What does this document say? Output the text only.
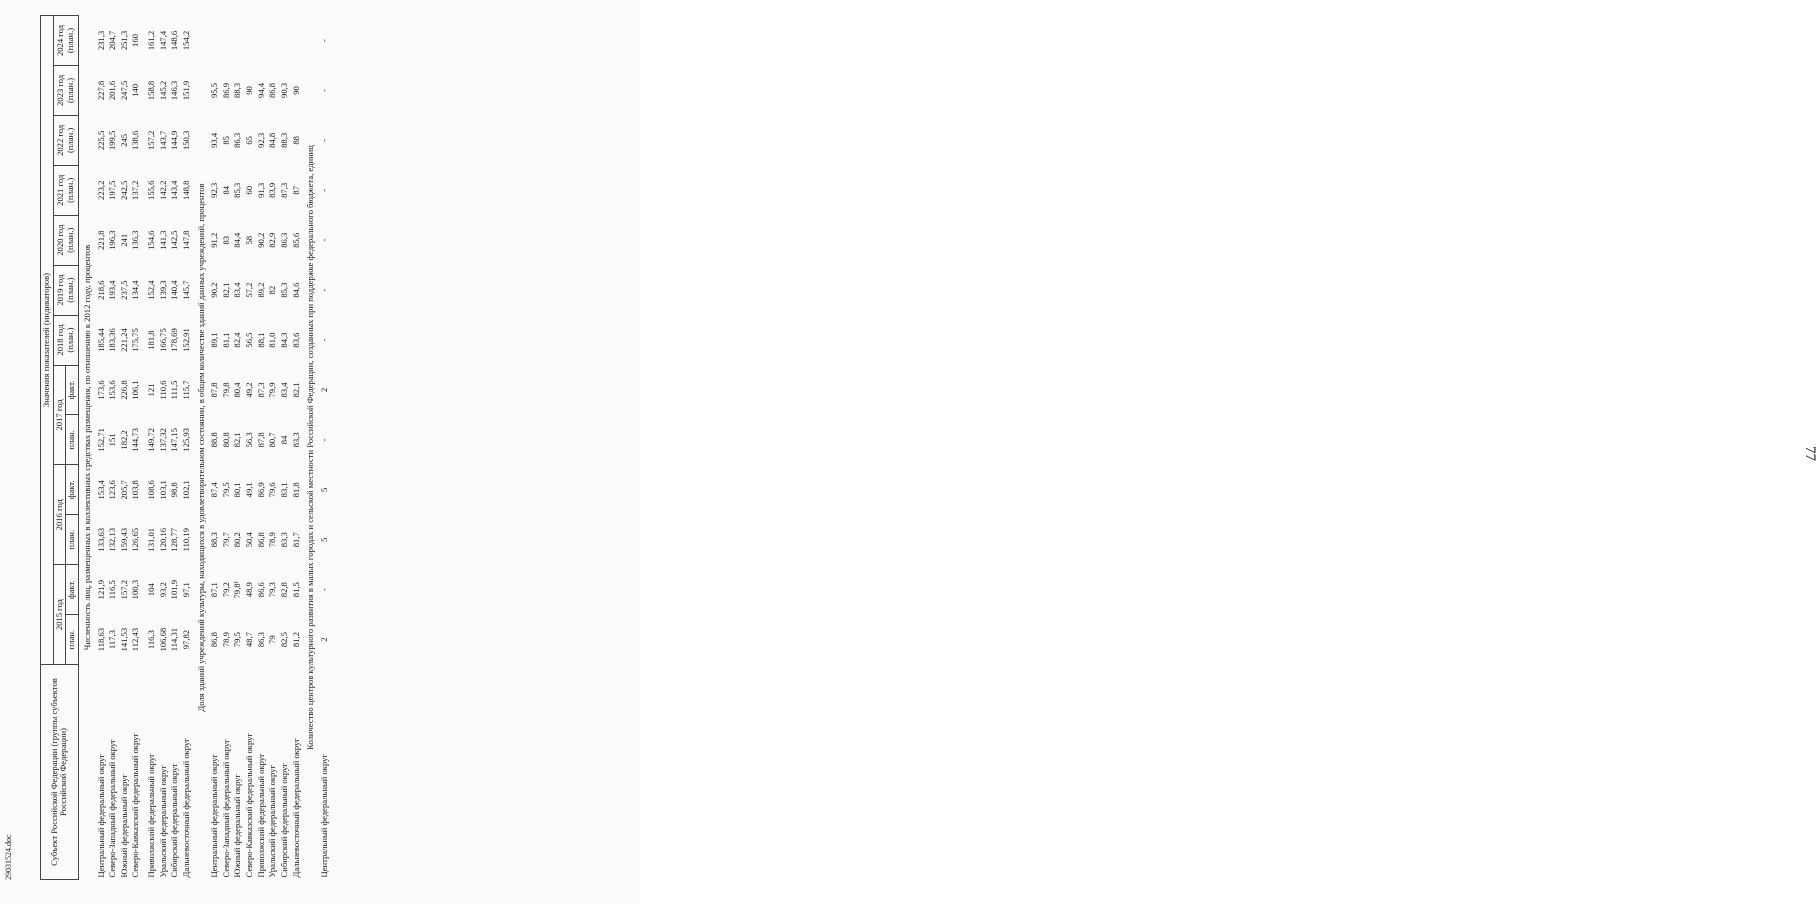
Субъект Российской Федерации (группы субъектов Российской Федерации)	Значения показателей (индикаторов)												
	2015 год		2016 год		2017 год		2018 год (план.)	2019 год (план.)	2020 год (план.)	2021 год (план.)	2022 год (план.)	2023 год (план.)	2024 год (план.)
	план.	факт.	план.	факт.	план.	факт.							
Численность лиц, размещенных в коллективных средствах размещения, по отношению к 2012 году, процентов													
Центральный федеральный округ	118,63	121,9	133,63	153,4	152,71	173,6	185,44	218,6	221,8	223,2	225,5	227,8	231,3
Северо-Западный федеральный округ	117,3	116,5	132,13	123,6	151	153,6	183,36	193,4	196,3	197,5	199,5	201,6	204,7
Южный федеральный округ	141,53	157,2	159,43	205,7	182,2	226,8	221,24	237,5	241	242,5	245	247,5	251,3
Северо-Кавказский федеральный округ	112,43	100,3	126,65	103,8	144,73	106,1	175,75	134,4	136,3	137,2	138,6	140	160

Приволжский федеральный округ	116,3	104	131,01	108,6	149,72	121	181,8	152,4	154,6	155,6	157,2	158,8	161,2
Уральский федеральный округ	106,68	93,2	120,16	103,1	137,32	110,6	166,75	139,3	141,3	142,2	143,7	145,2	147,4
Сибирский федеральный округ	114,31	101,9	128,77	98,8	147,15	111,5	178,69	140,4	142,5	143,4	144,9	146,3	148,6
Дальневосточный федеральный округ	97,82	97,1	110,19	102,1	125,93	115,7	152,91	145,7	147,8	148,8	150,3	151,9	154,2
Доля зданий учреждений культуры, находящихся в удовлетворительном состоянии, в общем количестве зданий данных учреждений, процентов													
Центральный федеральный округ	86,8	87,1	88,3	87,4	88,8	87,8	89,1	90,2	91,2	92,3	93,4	95,5	
Северо-Западный федеральный округ	78,9	79,2	79,7	79,5	80,8	79,8	81,1	82,1	83	84	85	86,9	
Южный федеральный округ	79,5	79,8¹	80,2	80,1	82,1	80,4	82,4	83,4	84,4	85,3	86,3	88,3	
Северо-Кавказский федеральный округ	48,7	48,9	50,4	49,1	56,3	49,2	56,5	57,2	58	60	65	90	
Приволжский федеральный округ	86,3	86,6	86,8	86,9	87,8	87,3	88,1	89,2	90,2	91,3	92,3	94,4	
Уральский федеральный округ	79	79,3	78,9	79,6	80,7	79,9	81,0	82	82,9	83,9	84,8	86,8	
Сибирский федеральный округ	82,5	82,8	83,3	83,1	84	83,4	84,3	85,3	86,3	87,3	88,3	90,3	
Дальневосточный федеральный округ	81,2	81,5	81,7	81,8	83,3	82,1	83,6	84,6	85,6	87	88	90	
Количество центров культурного развития в малых городах и сельской местности Российской Федерации, созданных при поддержке федерального бюджета, единиц													
Центральный федеральный округ	2	-	5	5	-	2	-	-	-	-	-	-	-
77
29031524.doc
